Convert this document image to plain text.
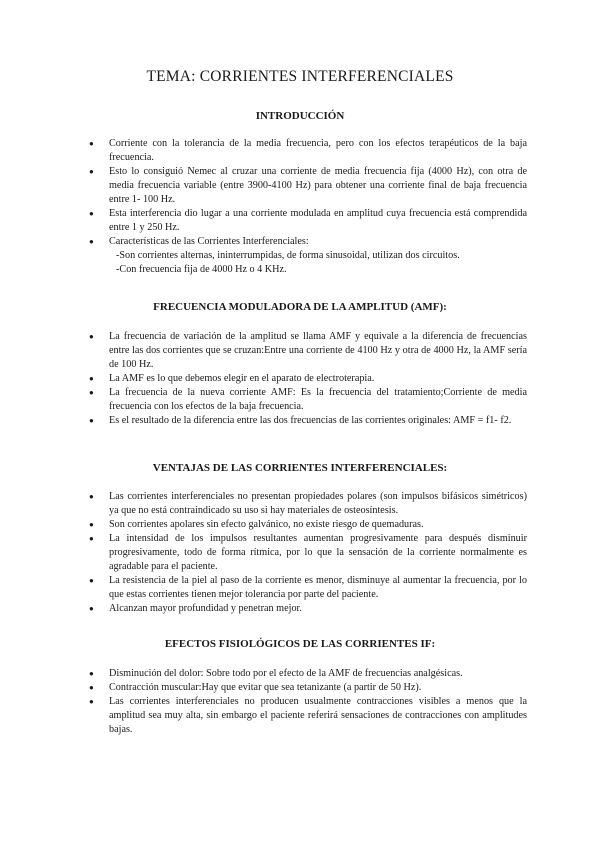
TEMA: CORRIENTES INTERFERENCIALES
INTRODUCCIÓN
● Corriente con la tolerancia de la media frecuencia, pero con los efectos terapéuticos de la baja frecuencia.
● Esto lo consiguió Nemec al cruzar una corriente de media frecuencia fija (4000 Hz), con otra de media frecuencia variable (entre 3900-4100 Hz) para obtener una corriente final de baja frecuencia entre 1- 100 Hz.
● Esta interferencia dio lugar a una corriente modulada en amplitud cuya frecuencia está comprendida entre 1 y 250 Hz.
● Características de las Corrientes Interferenciales:
-Son corrientes alternas, ininterrumpidas, de forma sinusoidal, utilizan dos circuitos.
-Con frecuencia fija de 4000 Hz o 4 KHz.
FRECUENCIA MODULADORA DE LA AMPLITUD (AMF):
● La frecuencia de variación de la amplitud se llama AMF y equivale a la diferencia de frecuencias entre las dos corrientes que se cruzan:Entre una corriente de 4100 Hz y otra de 4000 Hz, la AMF sería de 100 Hz.
● La AMF es lo que debemos elegir en el aparato de electroterapia.
● La frecuencia de la nueva corriente AMF: Es la frecuencia del tratamiento;Corriente de media frecuencia con los efectos de la baja frecuencia.
● Es el resultado de la diferencia entre las dos frecuencias de las corrientes originales: AMF = f1- f2.
VENTAJAS DE LAS CORRIENTES INTERFERENCIALES:
● Las corrientes interferenciales no presentan propiedades polares (son impulsos bifásicos simétricos) ya que no está contraindicado su uso si hay materiales de osteosíntesis.
● Son corrientes apolares sin efecto galvánico, no existe riesgo de quemaduras.
● La intensidad de los impulsos resultantes aumentan progresivamente para después disminuir progresivamente, todo de forma rítmica, por lo que la sensación de la corriente normalmente es agradable para el paciente.
● La resistencia de la piel al paso de la corriente es menor, disminuye al aumentar la frecuencia, por lo que estas corrientes tienen mejor tolerancia por parte del paciente.
● Alcanzan mayor profundidad y penetran mejor.
EFECTOS FISIOLÓGICOS DE LAS CORRIENTES IF:
● Disminución del dolor: Sobre todo por el efecto de la AMF de frecuencias analgésicas.
● Contracción muscular:Hay que evitar que sea tetanizante (a partir de 50 Hz).
● Las corrientes interferenciales no producen usualmente contracciones visibles a menos que la amplitud sea muy alta, sin embargo el paciente referirá sensaciones de contracciones con amplitudes bajas.
